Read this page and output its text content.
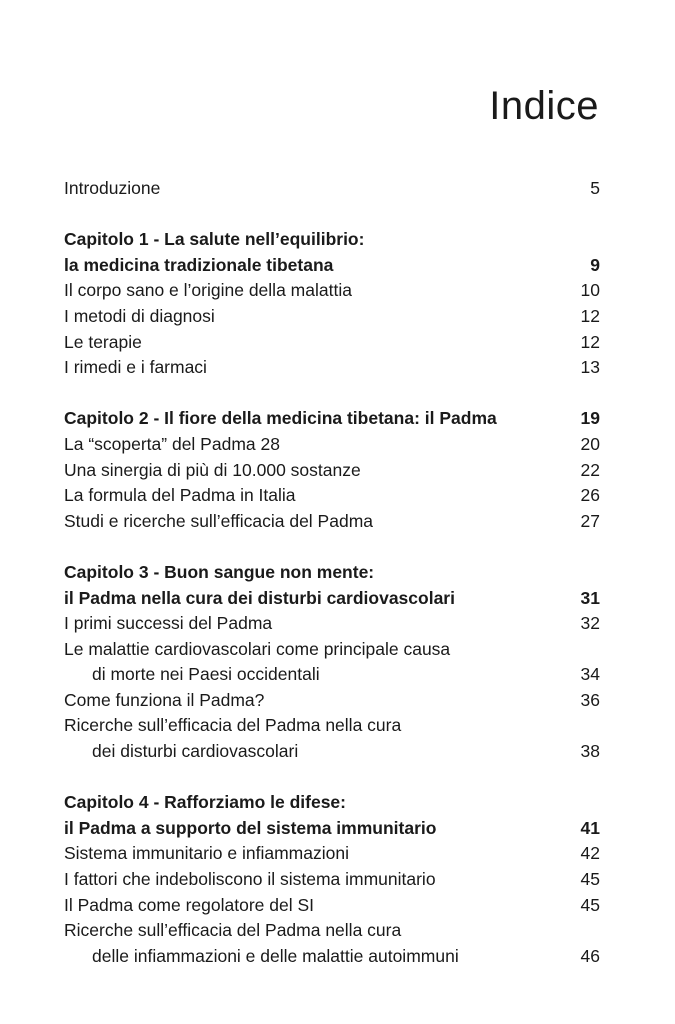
Indice
Introduzione	5
Capitolo 1 - La salute nell’equilibrio:
la medicina tradizionale tibetana	9
Il corpo sano e l’origine della malattia	10
I metodi di diagnosi	12
Le terapie	12
I rimedi e i farmaci	13
Capitolo 2 - Il fiore della medicina tibetana: il Padma	19
La “scoperta” del Padma 28	20
Una sinergia di più di 10.000 sostanze	22
La formula del Padma in Italia	26
Studi e ricerche sull’efficacia del Padma	27
Capitolo 3 - Buon sangue non mente:
il Padma nella cura dei disturbi cardiovascolari	31
I primi successi del Padma	32
Le malattie cardiovascolari come principale causa
di morte nei Paesi occidentali	34
Come funziona il Padma?	36
Ricerche sull’efficacia del Padma nella cura
dei disturbi cardiovascolari	38
Capitolo 4 - Rafforziamo le difese:
il Padma a supporto del sistema immunitario	41
Sistema immunitario e infiammazioni	42
I fattori che indeboliscono il sistema immunitario	45
Il Padma come regolatore del SI	45
Ricerche sull’efficacia del Padma nella cura
delle infiammazioni e delle malattie autoimmuni	46
